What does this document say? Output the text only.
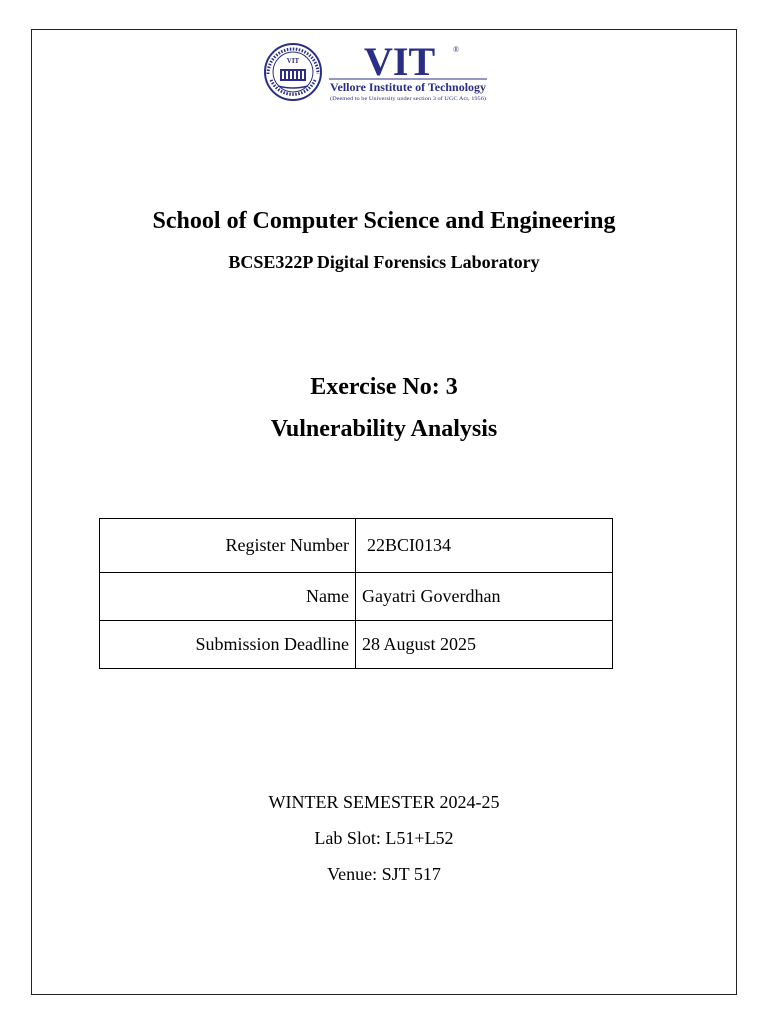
VIT VIT ®
Vellore Institute of Technology
(Deemed to be University under section 3 of UGC Act, 1956)
School of Computer Science and Engineering
BCSE322P Digital Forensics Laboratory
Exercise No: 3
Vulnerability Analysis
Register Number	22BCI0134
Name	Gayatri Goverdhan
Submission Deadline	28 August 2025
WINTER SEMESTER 2024-25
Lab Slot: L51+L52
Venue: SJT 517
